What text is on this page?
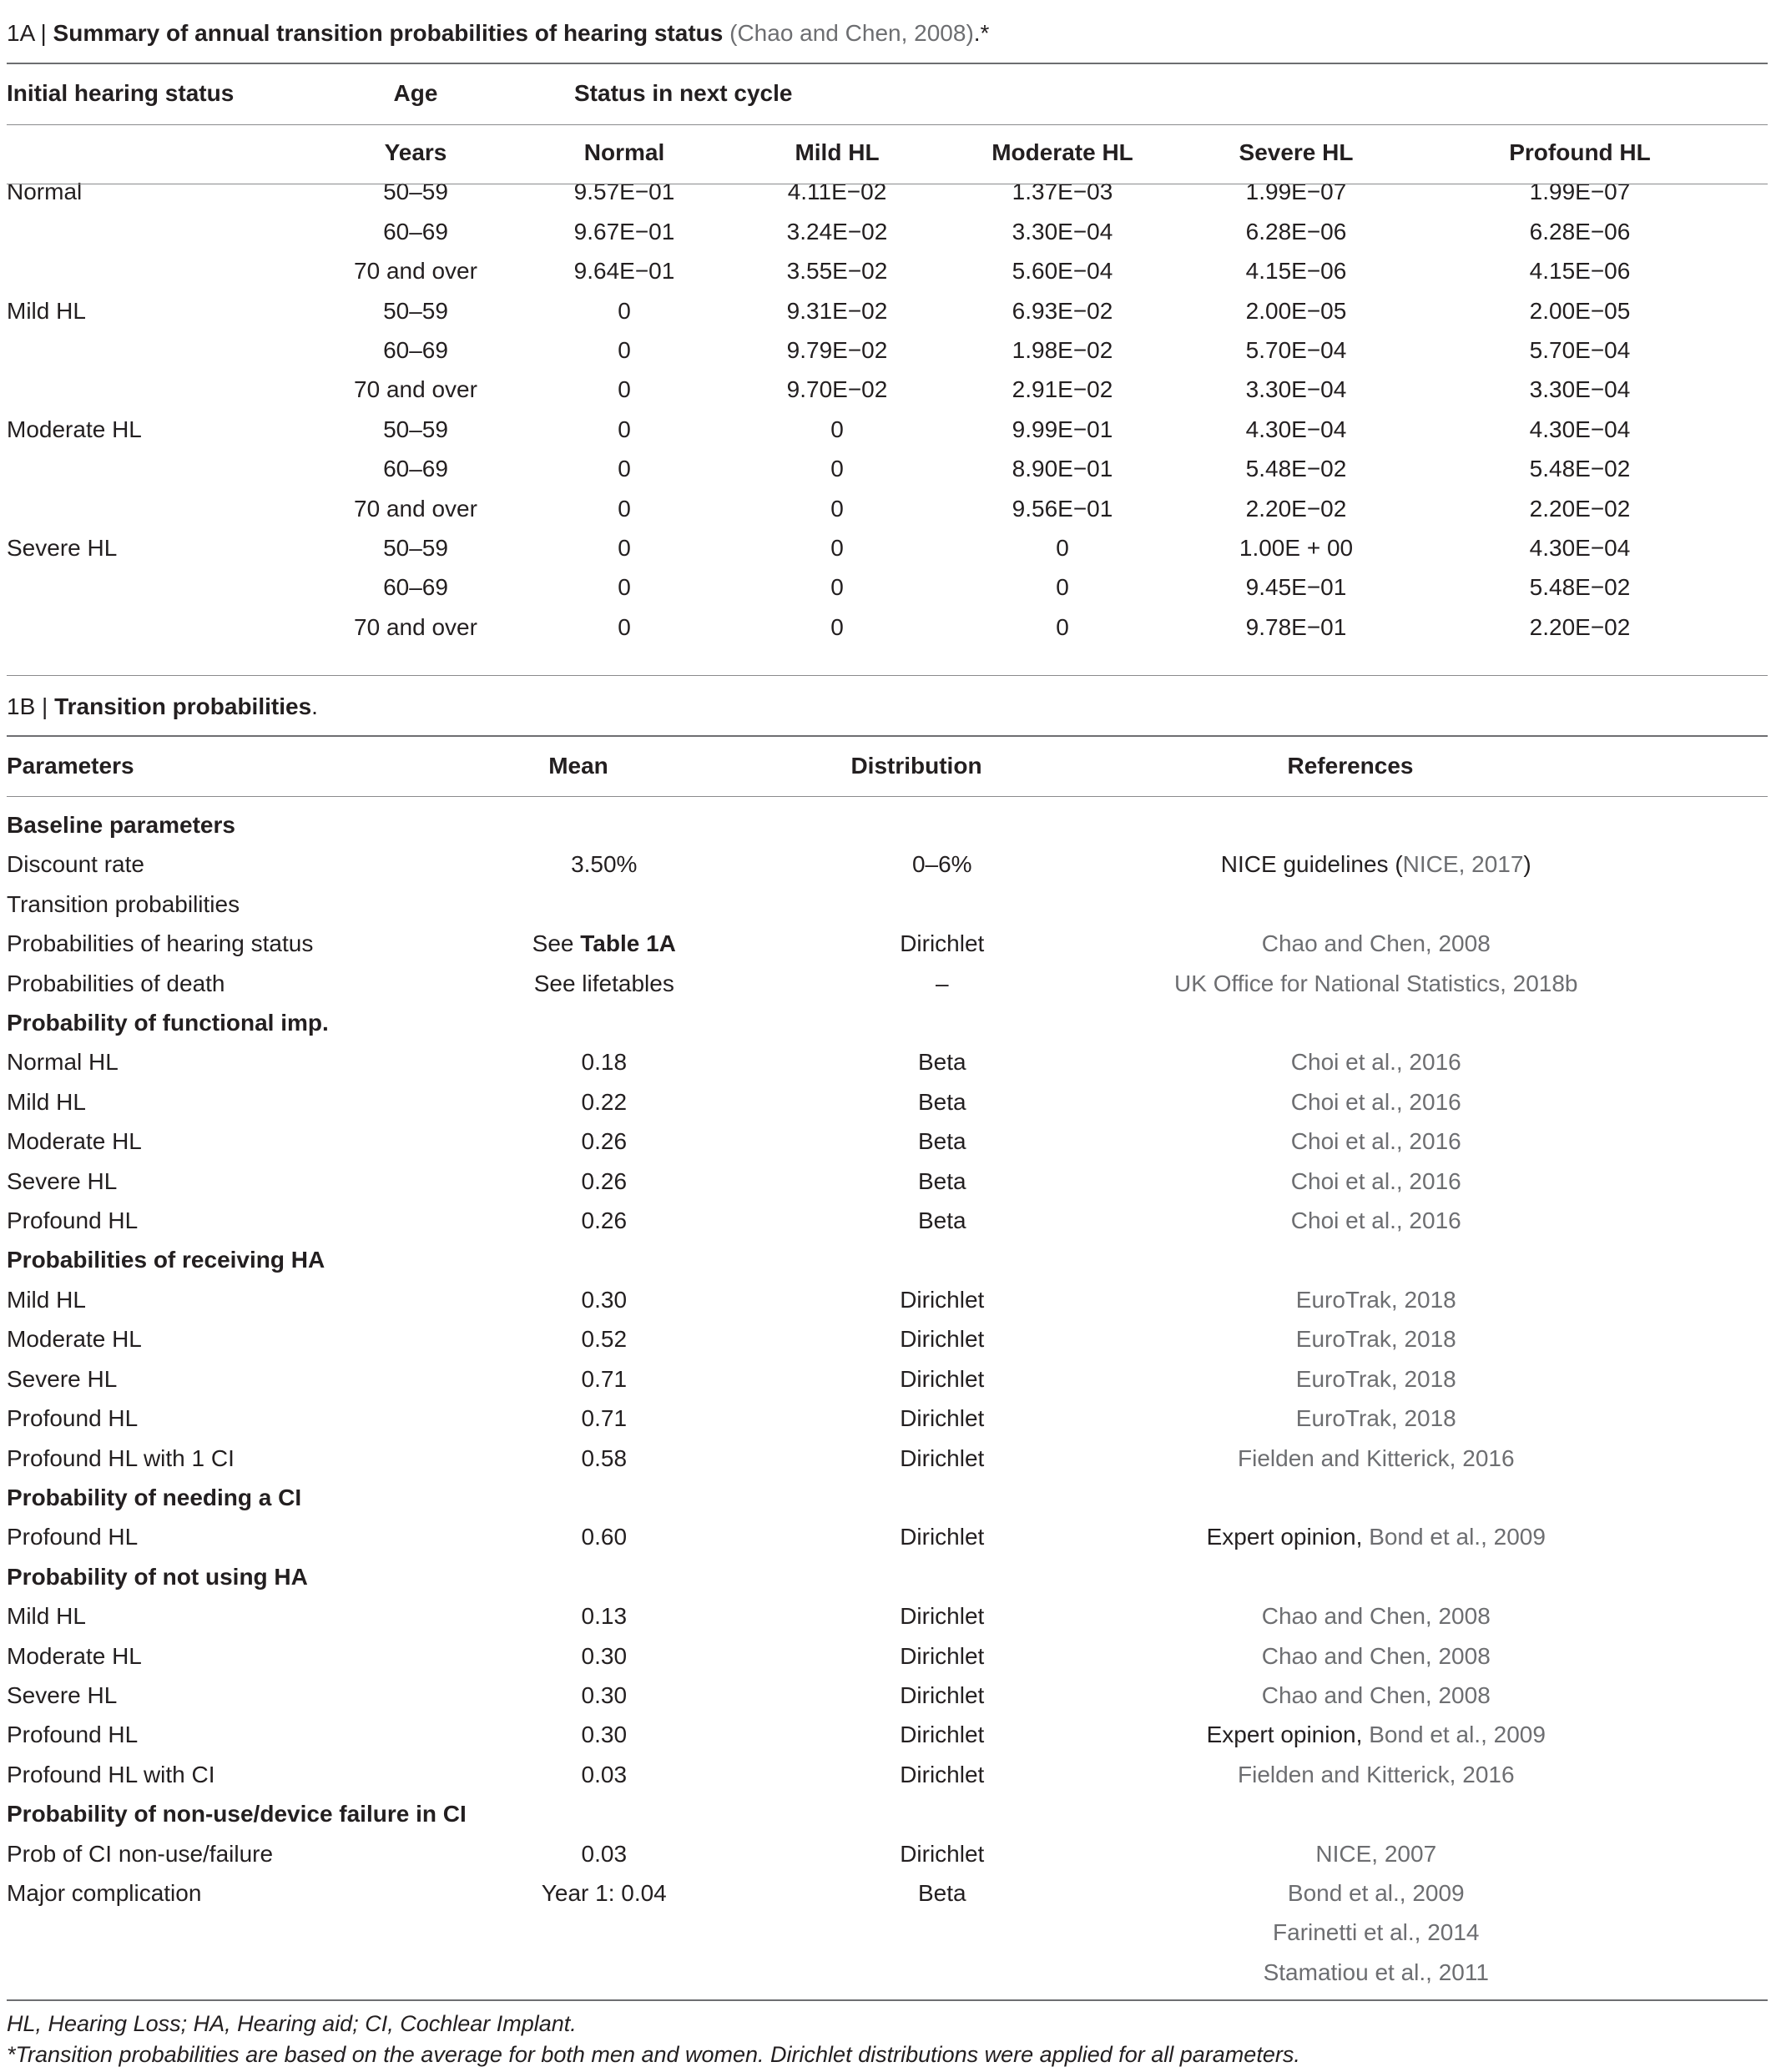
1A | Summary of annual transition probabilities of hearing status (Chao and Chen, 2008).*
Initial hearing status	Age	Status in next cycle
	Years	Normal	Mild HL	Moderate HL	Severe HL	Profound HL
Normal	50–59	9.57E−01	4.11E−02	1.37E−03	1.99E−07	1.99E−07
	60–69	9.67E−01	3.24E−02	3.30E−04	6.28E−06	6.28E−06
	70 and over	9.64E−01	3.55E−02	5.60E−04	4.15E−06	4.15E−06
Mild HL	50–59	0	9.31E−02	6.93E−02	2.00E−05	2.00E−05
	60–69	0	9.79E−02	1.98E−02	5.70E−04	5.70E−04
	70 and over	0	9.70E−02	2.91E−02	3.30E−04	3.30E−04
Moderate HL	50–59	0	0	9.99E−01	4.30E−04	4.30E−04
	60–69	0	0	8.90E−01	5.48E−02	5.48E−02
	70 and over	0	0	9.56E−01	2.20E−02	2.20E−02
Severe HL	50–59	0	0	0	1.00E + 00	4.30E−04
	60–69	0	0	0	9.45E−01	5.48E−02
	70 and over	0	0	0	9.78E−01	2.20E−02
1B | Transition probabilities.
Parameters	Mean	Distribution	References
Baseline parameters			
Discount rate	3.50%	0–6%	NICE guidelines (NICE, 2017)
Transition probabilities			
Probabilities of hearing status	See Table 1A	Dirichlet	Chao and Chen, 2008
Probabilities of death	See lifetables	–	UK Office for National Statistics, 2018b
Probability of functional imp.			
Normal HL	0.18	Beta	Choi et al., 2016
Mild HL	0.22	Beta	Choi et al., 2016
Moderate HL	0.26	Beta	Choi et al., 2016
Severe HL	0.26	Beta	Choi et al., 2016
Profound HL	0.26	Beta	Choi et al., 2016
Probabilities of receiving HA			
Mild HL	0.30	Dirichlet	EuroTrak, 2018
Moderate HL	0.52	Dirichlet	EuroTrak, 2018
Severe HL	0.71	Dirichlet	EuroTrak, 2018
Profound HL	0.71	Dirichlet	EuroTrak, 2018
Profound HL with 1 CI	0.58	Dirichlet	Fielden and Kitterick, 2016
Probability of needing a CI			
Profound HL	0.60	Dirichlet	Expert opinion, Bond et al., 2009
Probability of not using HA			
Mild HL	0.13	Dirichlet	Chao and Chen, 2008
Moderate HL	0.30	Dirichlet	Chao and Chen, 2008
Severe HL	0.30	Dirichlet	Chao and Chen, 2008
Profound HL	0.30	Dirichlet	Expert opinion, Bond et al., 2009
Profound HL with CI	0.03	Dirichlet	Fielden and Kitterick, 2016
Probability of non-use/device failure in CI			
Prob of CI non-use/failure	0.03	Dirichlet	NICE, 2007
Major complication	Year 1: 0.04	Beta	Bond et al., 2009
			Farinetti et al., 2014
			Stamatiou et al., 2011
HL, Hearing Loss; HA, Hearing aid; CI, Cochlear Implant.
*Transition probabilities are based on the average for both men and women. Dirichlet distributions were applied for all parameters.
